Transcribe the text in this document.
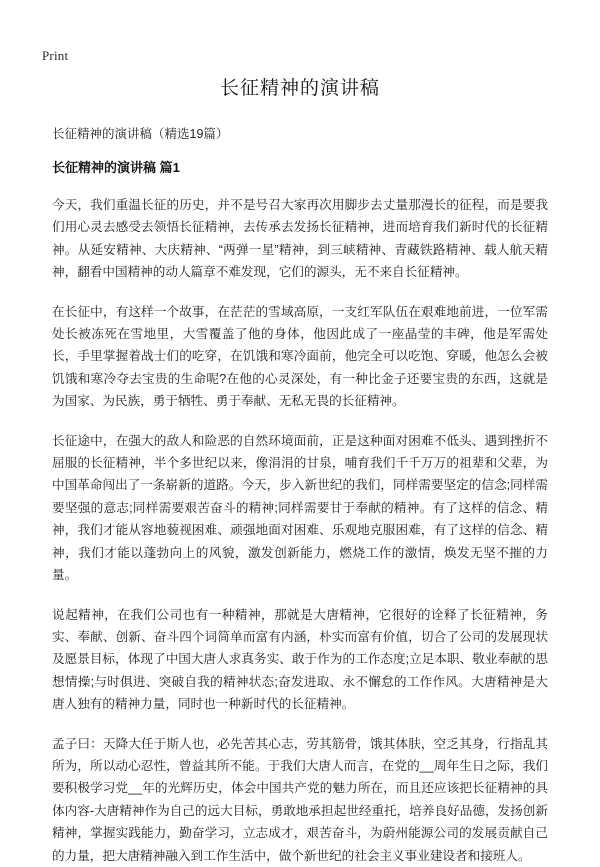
Print
长征精神的演讲稿
长征精神的演讲稿（精选19篇）
长征精神的演讲稿 篇1

今天，我们重温长征的历史，并不是号召大家再次用脚步去丈量那漫长的征程，而是要我们用心灵去感受去领悟长征精神，去传承去发扬长征精神，进而培育我们新时代的长征精神。从延安精神、大庆精神、“两弹一星”精神，到三峡精神、青藏铁路精神、载人航天精神，翻看中国精神的动人篇章不难发现，它们的源头，无不来自长征精神。

在长征中，有这样一个故事，在茫茫的雪域高原，一支红军队伍在艰难地前进，一位军需处长被冻死在雪地里，大雪覆盖了他的身体，他因此成了一座晶莹的丰碑，他是军需处长，手里掌握着战士们的吃穿，在饥饿和寒冷面前，他完全可以吃饱、穿暖，他怎么会被饥饿和寒冷夺去宝贵的生命呢?在他的心灵深处，有一种比金子还要宝贵的东西，这就是为国家、为民族，勇于牺牲、勇于奉献、无私无畏的长征精神。

长征途中，在强大的敌人和险恶的自然环境面前，正是这种面对困难不低头、遇到挫折不屈服的长征精神，半个多世纪以来，像涓涓的甘泉，哺育我们千千万万的祖辈和父辈，为中国革命闯出了一条崭新的道路。今天，步入新世纪的我们，同样需要坚定的信念;同样需要坚强的意志;同样需要艰苦奋斗的精神;同样需要甘于奉献的精神。有了这样的信念、精神，我们才能从容地藐视困难、顽强地面对困难、乐观地克服困难，有了这样的信念、精神，我们才能以蓬勃向上的风貌，激发创新能力，燃烧工作的激情，焕发无坚不摧的力量。

说起精神，在我们公司也有一种精神，那就是大唐精神，它很好的诠释了长征精神，务实、奉献、创新、奋斗四个词简单而富有内涵，朴实而富有价值，切合了公司的发展现状及愿景目标，体现了中国大唐人求真务实、敢于作为的工作态度;立足本职、敬业奉献的思想情操;与时俱进、突破自我的精神状态;奋发进取、永不懈怠的工作作风。大唐精神是大唐人独有的精神力量，同时也一种新时代的长征精神。

孟子曰：天降大任于斯人也，必先苦其心志，劳其筋骨，饿其体肤，空乏其身，行指乱其所为，所以动心忍性，曾益其所不能。于我们大唐人而言，在党的__周年生日之际，我们要积极学习党__年的光辉历史，体会中国共产党的魅力所在，而且还应该把长征精神的具体内容-大唐精神作为自己的远大目标，勇敢地承担起世经重托，培养良好品德，发扬创新精神，掌握实践能力，勤奋学习，立志成才，艰苦奋斗，为蔚州能源公司的发展贡献自己的力量，把大唐精神融入到工作生活中，做个新世纪的社会主义事业建设者和接班人。
